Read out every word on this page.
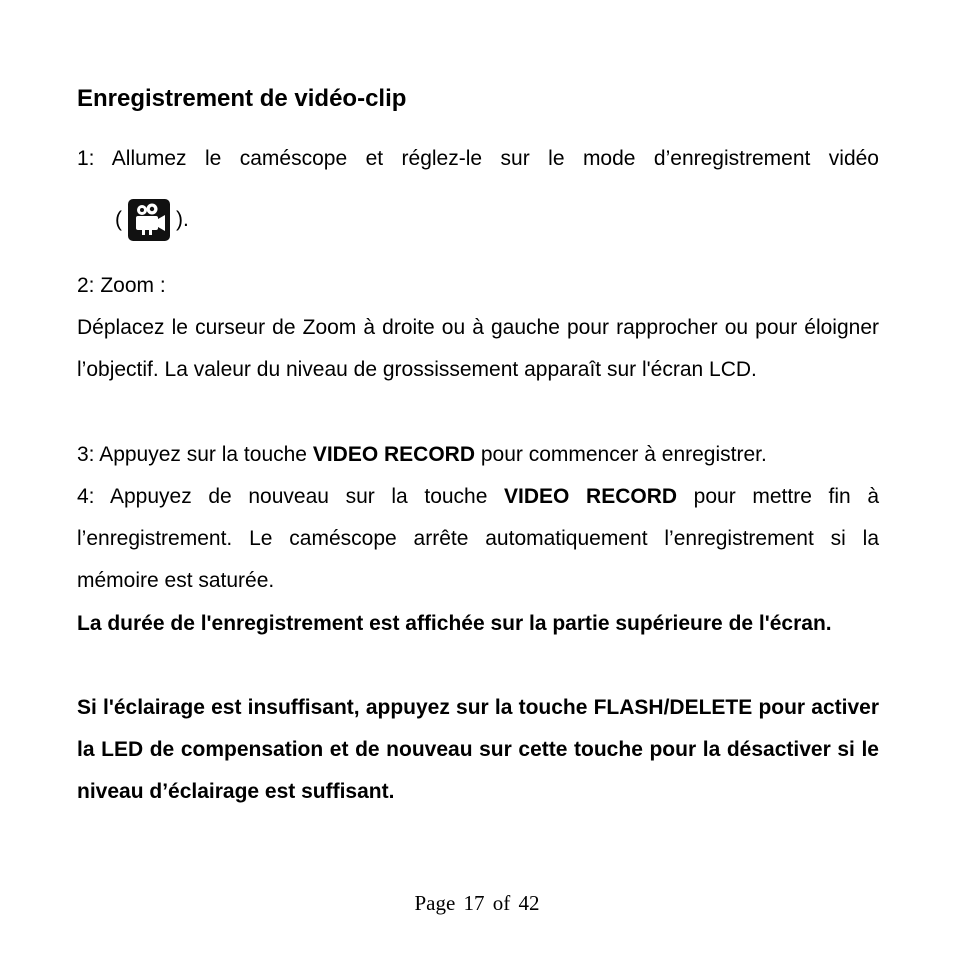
Enregistrement de vidéo-clip
1: Allumez le caméscope et réglez-le sur le mode d’enregistrement vidéo
(	).
2: Zoom :
Déplacez le curseur de Zoom à droite ou à gauche pour rapprocher ou pour éloigner l’objectif. La valeur du niveau de grossissement apparaît sur l'écran LCD.
3: Appuyez sur la touche VIDEO RECORD pour commencer à enregistrer.
4: Appuyez de nouveau sur la touche VIDEO RECORD pour mettre fin à l’enregistrement. Le caméscope arrête automatiquement l’enregistrement si la mémoire est saturée.
La durée de l'enregistrement est affichée sur la partie supérieure de l'écran.
Si l'éclairage est insuffisant, appuyez sur la touche FLASH/DELETE pour activer la LED de compensation et de nouveau sur cette touche pour la désactiver si le niveau d’éclairage est suffisant.
Page 17 of 42
